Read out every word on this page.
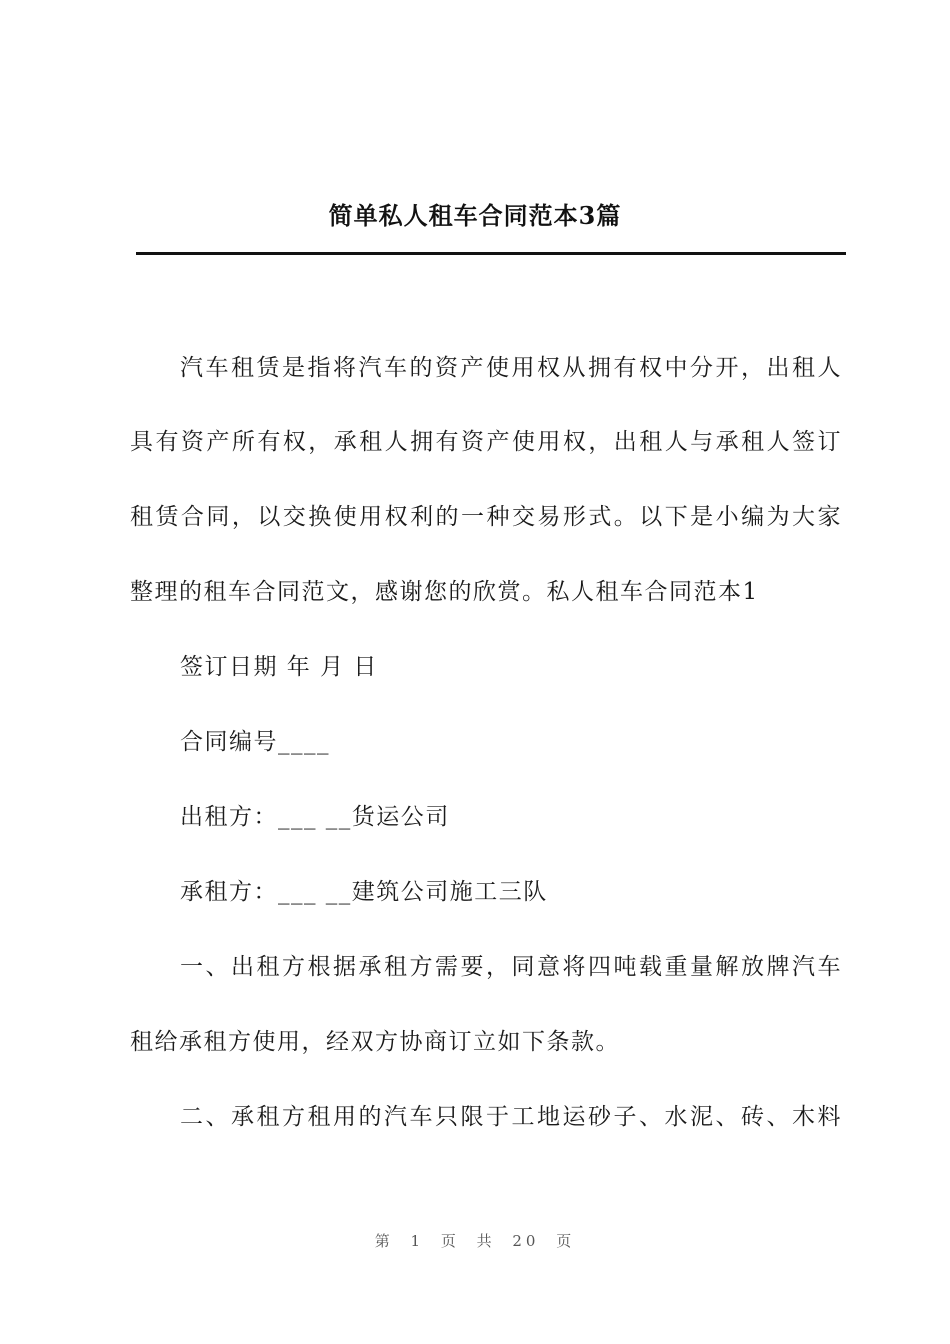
简单私人租车合同范本3篇
汽车租赁是指将汽车的资产使用权从拥有权中分开，出租人
具有资产所有权，承租人拥有资产使用权，出租人与承租人签订
租赁合同，以交换使用权利的一种交易形式。以下是小编为大家
整理的租车合同范文，感谢您的欣赏。私人租车合同范本1
签订日期 年 月 日
合同编号____
出租方：___ __货运公司
承租方：___ __建筑公司施工三队
一、出租方根据承租方需要，同意将四吨载重量解放牌汽车
租给承租方使用，经双方协商订立如下条款。
二、承租方租用的汽车只限于工地运砂子、水泥、砖、木料
第 1 页 共 20 页
